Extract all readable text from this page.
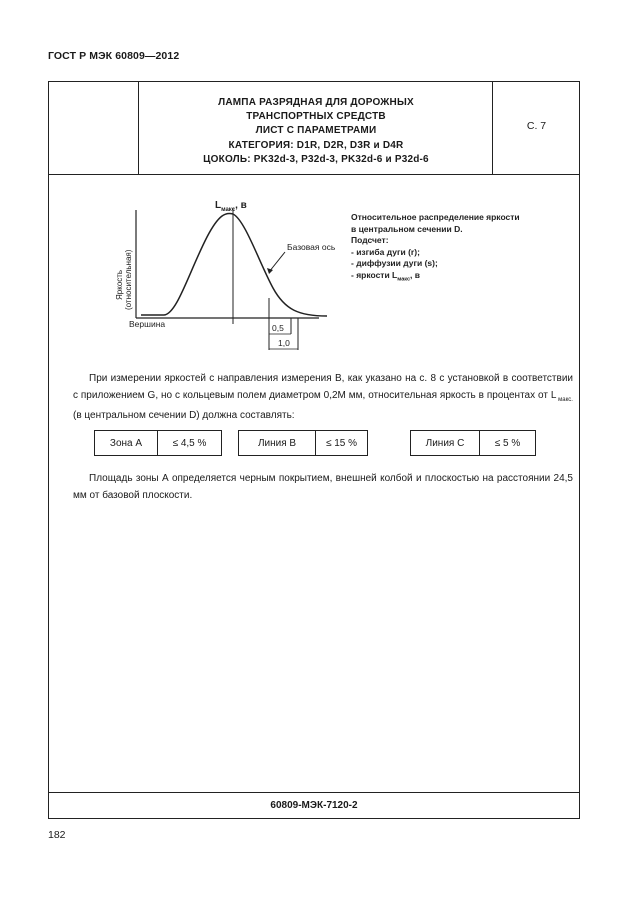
ГОСТ Р МЭК 60809—2012
ЛАМПА РАЗРЯДНАЯ ДЛЯ ДОРОЖНЫХ
ТРАНСПОРТНЫХ СРЕДСТВ
ЛИСТ С ПАРАМЕТРАМИ
КАТЕГОРИЯ: D1R, D2R, D3R и D4R
ЦОКОЛЬ: PK32d-3, P32d-3, PK32d-6 и P32d-6
С. 7
$L_{макс}$, в
Базовая ось
Вершина	0,5
1,0
Яркость (относительная)
Относительное распределение яркости
в центральном сечении D.
Подсчет:
- изгиба дуги (r);
- диффузии дуги (s);
- яркости $L_{макс}$, в
При измерении яркостей с направления измерения В, как указано на с. 8 с установкой в соответствии с приложением G, но с кольцевым полем диаметром 0,2M мм, относительная яркость в процентах от L $_{макс.}$ (в центральном сечении D) должна составлять:
Зона А	≤ 4,5 %	Линия В	≤ 15 %	Линия С	≤ 5 %
Площадь зоны А определяется черным покрытием, внешней колбой и плоскостью на расстоянии 24,5 мм от базовой плоскости.
60809-МЭК-7120-2
182
